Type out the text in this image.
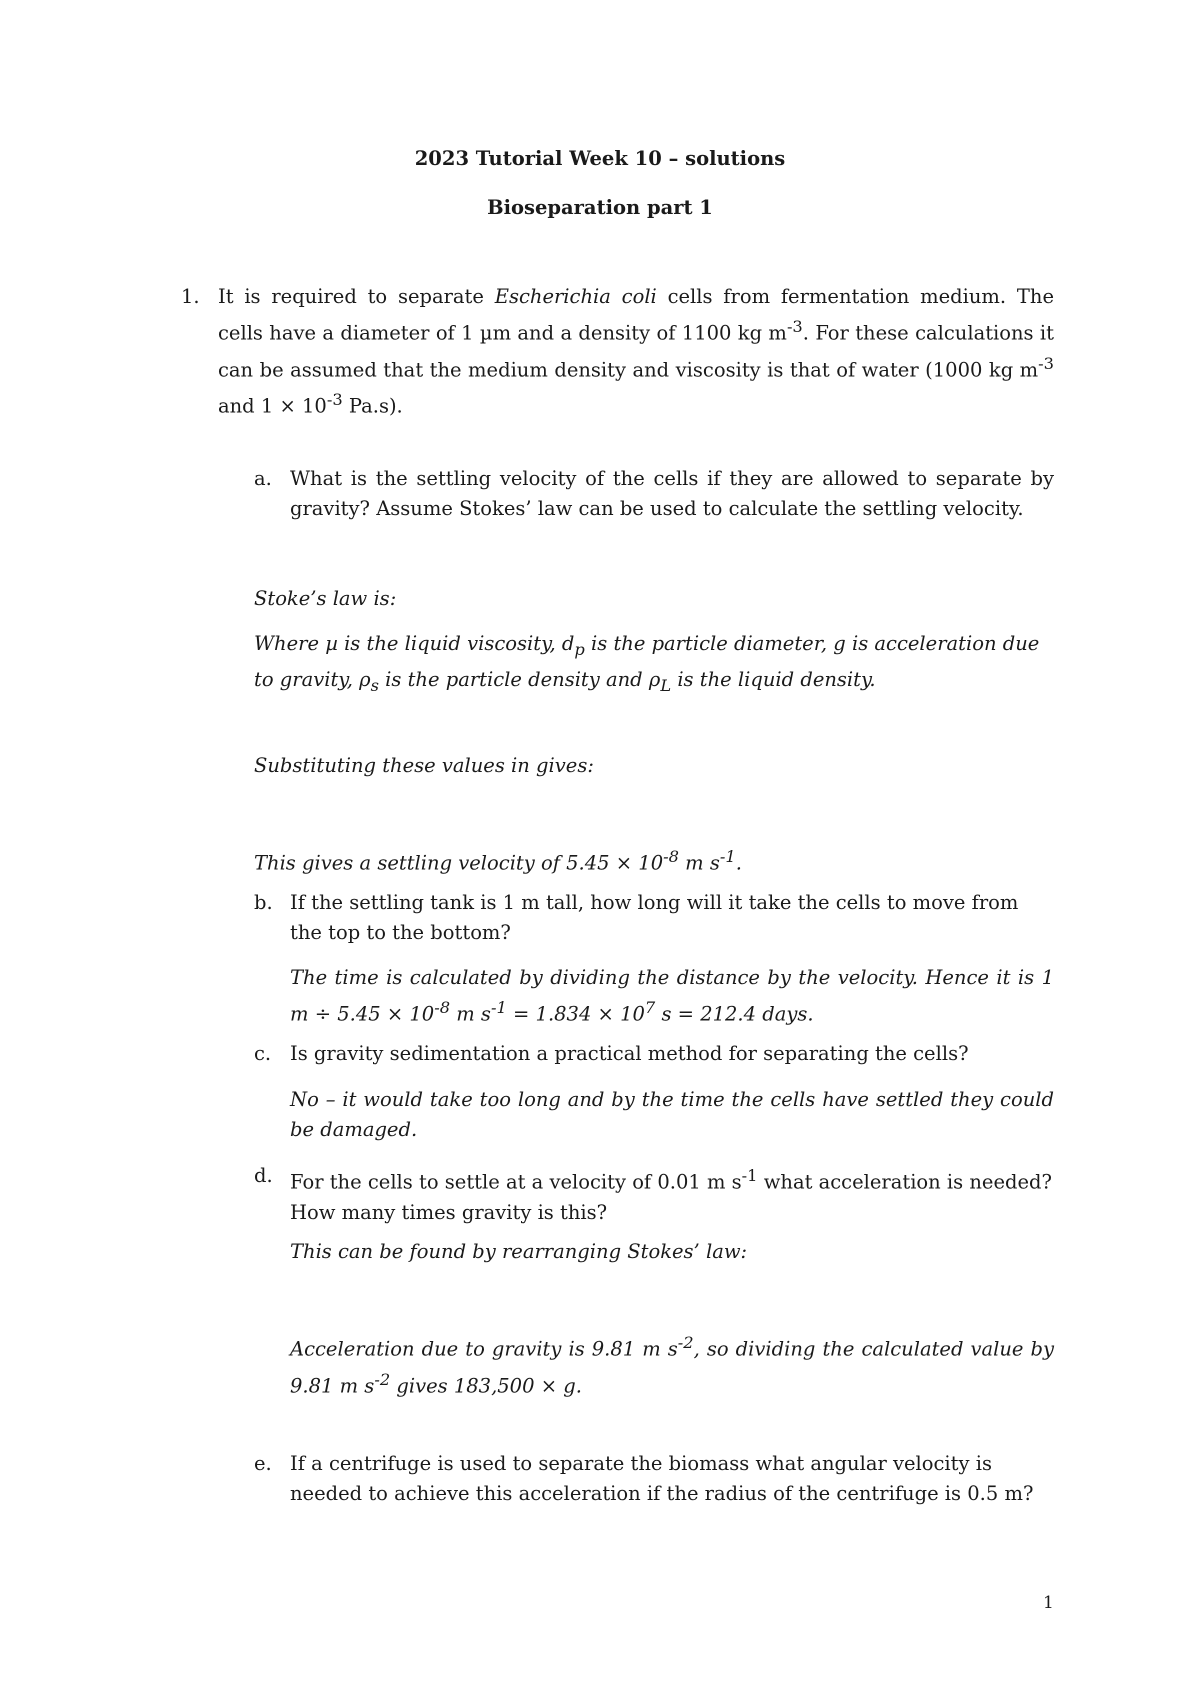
2023 Tutorial Week 10 – solutions

Bioseparation part 1

1. It is required to separate Escherichia coli cells from fermentation medium. The cells have a diameter of 1 µm and a density of 1100 kg $m^{-3}$. For these calculations it can be assumed that the medium density and viscosity is that of water (1000 kg $m^{-3}$ and $1 \times 10^{-3}$ Pa.s).

a. What is the settling velocity of the cells if they are allowed to separate by gravity? Assume Stokes’ law can be used to calculate the settling velocity.

Stoke’s law is:

Where µ is the liquid viscosity, $d_p$ is the particle diameter, g is acceleration due to gravity, $\rho_s$ is the particle density and $\rho_L$ is the liquid density.

Substituting these values in gives:

This gives a settling velocity of $5.45 \times 10^{-8}$ m $s^{-1}$.

b. If the settling tank is 1 m tall, how long will it take the cells to move from the top to the bottom?

The time is calculated by dividing the distance by the velocity. Hence it is 1 $m \div 5.45 \times 10^{-8}$ m $s^{-1} = 1.834 \times 10^7$ s = 212.4 days.

c. Is gravity sedimentation a practical method for separating the cells?

No – it would take too long and by the time the cells have settled they could be damaged.

d. For the cells to settle at a velocity of 0.01 m $s^{-1}$ what acceleration is needed? How many times gravity is this?

This can be found by rearranging Stokes’ law:

Acceleration due to gravity is 9.81 m $s^{-2}$, so dividing the calculated value by 9.81 m $s^{-2}$ gives 183,500 × g.

e. If a centrifuge is used to separate the biomass what angular velocity is needed to achieve this acceleration if the radius of the centrifuge is 0.5 m?

1
